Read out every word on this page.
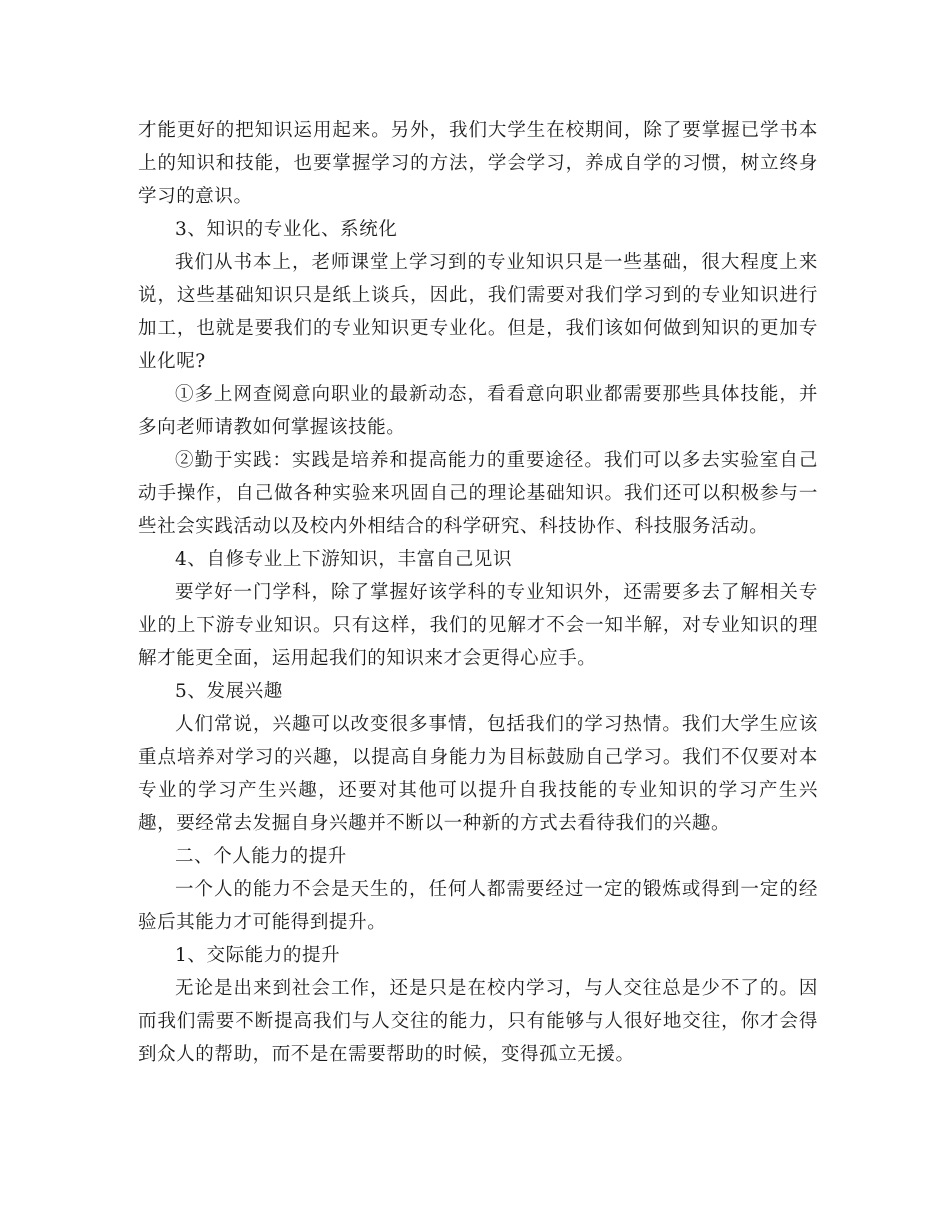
才能更好的把知识运用起来。另外，我们大学生在校期间，除了要掌握已学书本上的知识和技能，也要掌握学习的方法，学会学习，养成自学的习惯，树立终身学习的意识。

3、知识的专业化、系统化

我们从书本上，老师课堂上学习到的专业知识只是一些基础，很大程度上来说，这些基础知识只是纸上谈兵，因此，我们需要对我们学习到的专业知识进行加工，也就是要我们的专业知识更专业化。但是，我们该如何做到知识的更加专业化呢?

①多上网查阅意向职业的最新动态，看看意向职业都需要那些具体技能，并多向老师请教如何掌握该技能。

②勤于实践：实践是培养和提高能力的重要途径。我们可以多去实验室自己动手操作，自己做各种实验来巩固自己的理论基础知识。我们还可以积极参与一些社会实践活动以及校内外相结合的科学研究、科技协作、科技服务活动。

4、自修专业上下游知识，丰富自己见识

要学好一门学科，除了掌握好该学科的专业知识外，还需要多去了解相关专业的上下游专业知识。只有这样，我们的见解才不会一知半解，对专业知识的理解才能更全面，运用起我们的知识来才会更得心应手。

5、发展兴趣

人们常说，兴趣可以改变很多事情，包括我们的学习热情。我们大学生应该重点培养对学习的兴趣，以提高自身能力为目标鼓励自己学习。我们不仅要对本专业的学习产生兴趣，还要对其他可以提升自我技能的专业知识的学习产生兴趣，要经常去发掘自身兴趣并不断以一种新的方式去看待我们的兴趣。

二、个人能力的提升

一个人的能力不会是天生的，任何人都需要经过一定的锻炼或得到一定的经验后其能力才可能得到提升。

1、交际能力的提升

无论是出来到社会工作，还是只是在校内学习，与人交往总是少不了的。因而我们需要不断提高我们与人交往的能力，只有能够与人很好地交往，你才会得到众人的帮助，而不是在需要帮助的时候，变得孤立无援。
